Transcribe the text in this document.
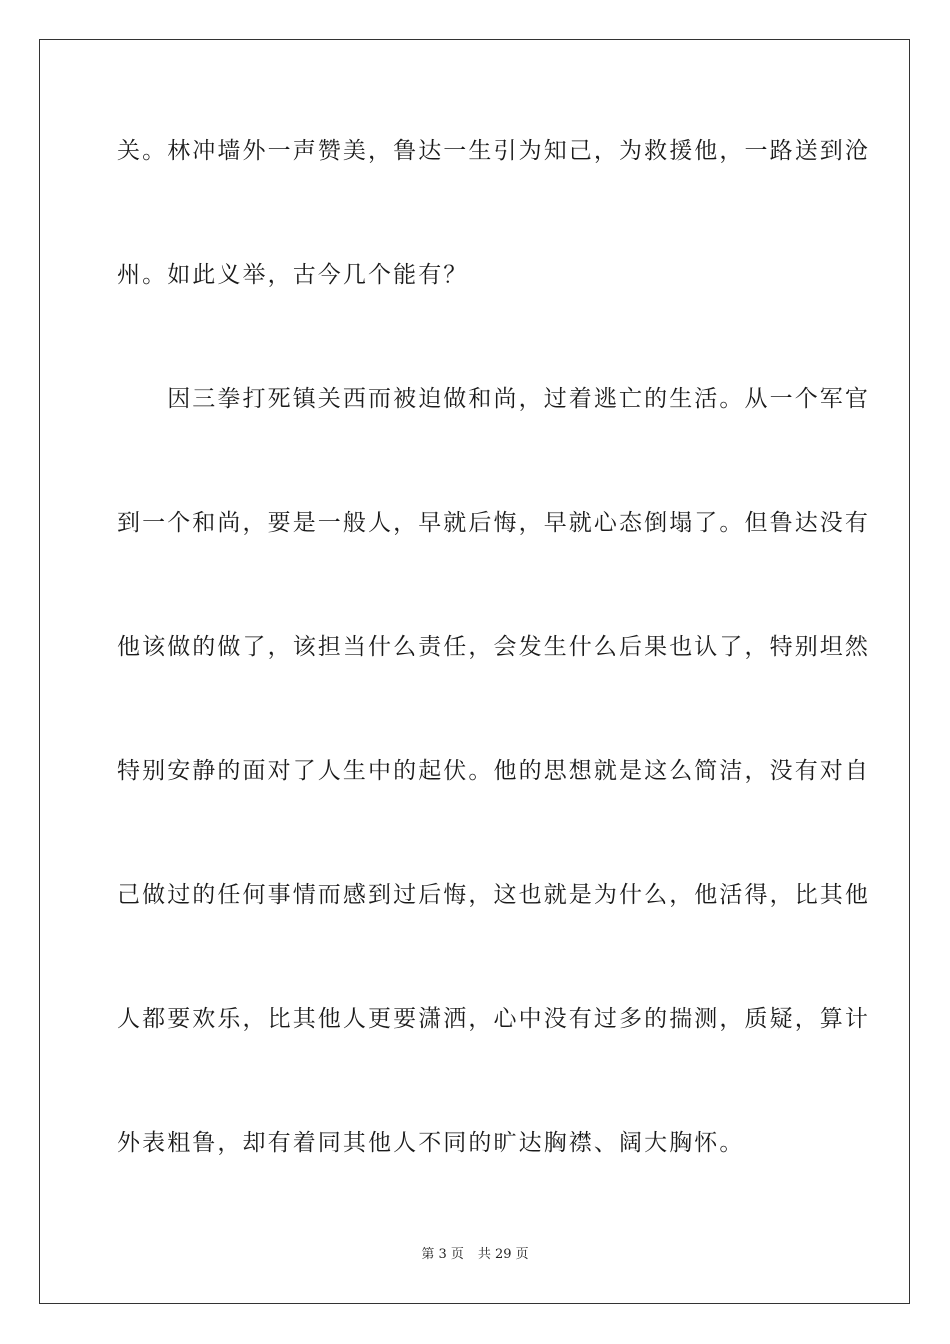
关。林冲墙外一声赞美，鲁达一生引为知己，为救援他，一路送到沧
州。如此义举，古今几个能有？
　　因三拳打死镇关西而被迫做和尚，过着逃亡的生活。从一个军官
到一个和尚，要是一般人，早就后悔，早就心态倒塌了。但鲁达没有
他该做的做了，该担当什么责任，会发生什么后果也认了，特别坦然
特别安静的面对了人生中的起伏。他的思想就是这么简洁，没有对自
己做过的任何事情而感到过后悔，这也就是为什么，他活得，比其他
人都要欢乐，比其他人更要潇洒，心中没有过多的揣测，质疑，算计
外表粗鲁，却有着同其他人不同的旷达胸襟、阔大胸怀。
第 3 页 共 29 页
